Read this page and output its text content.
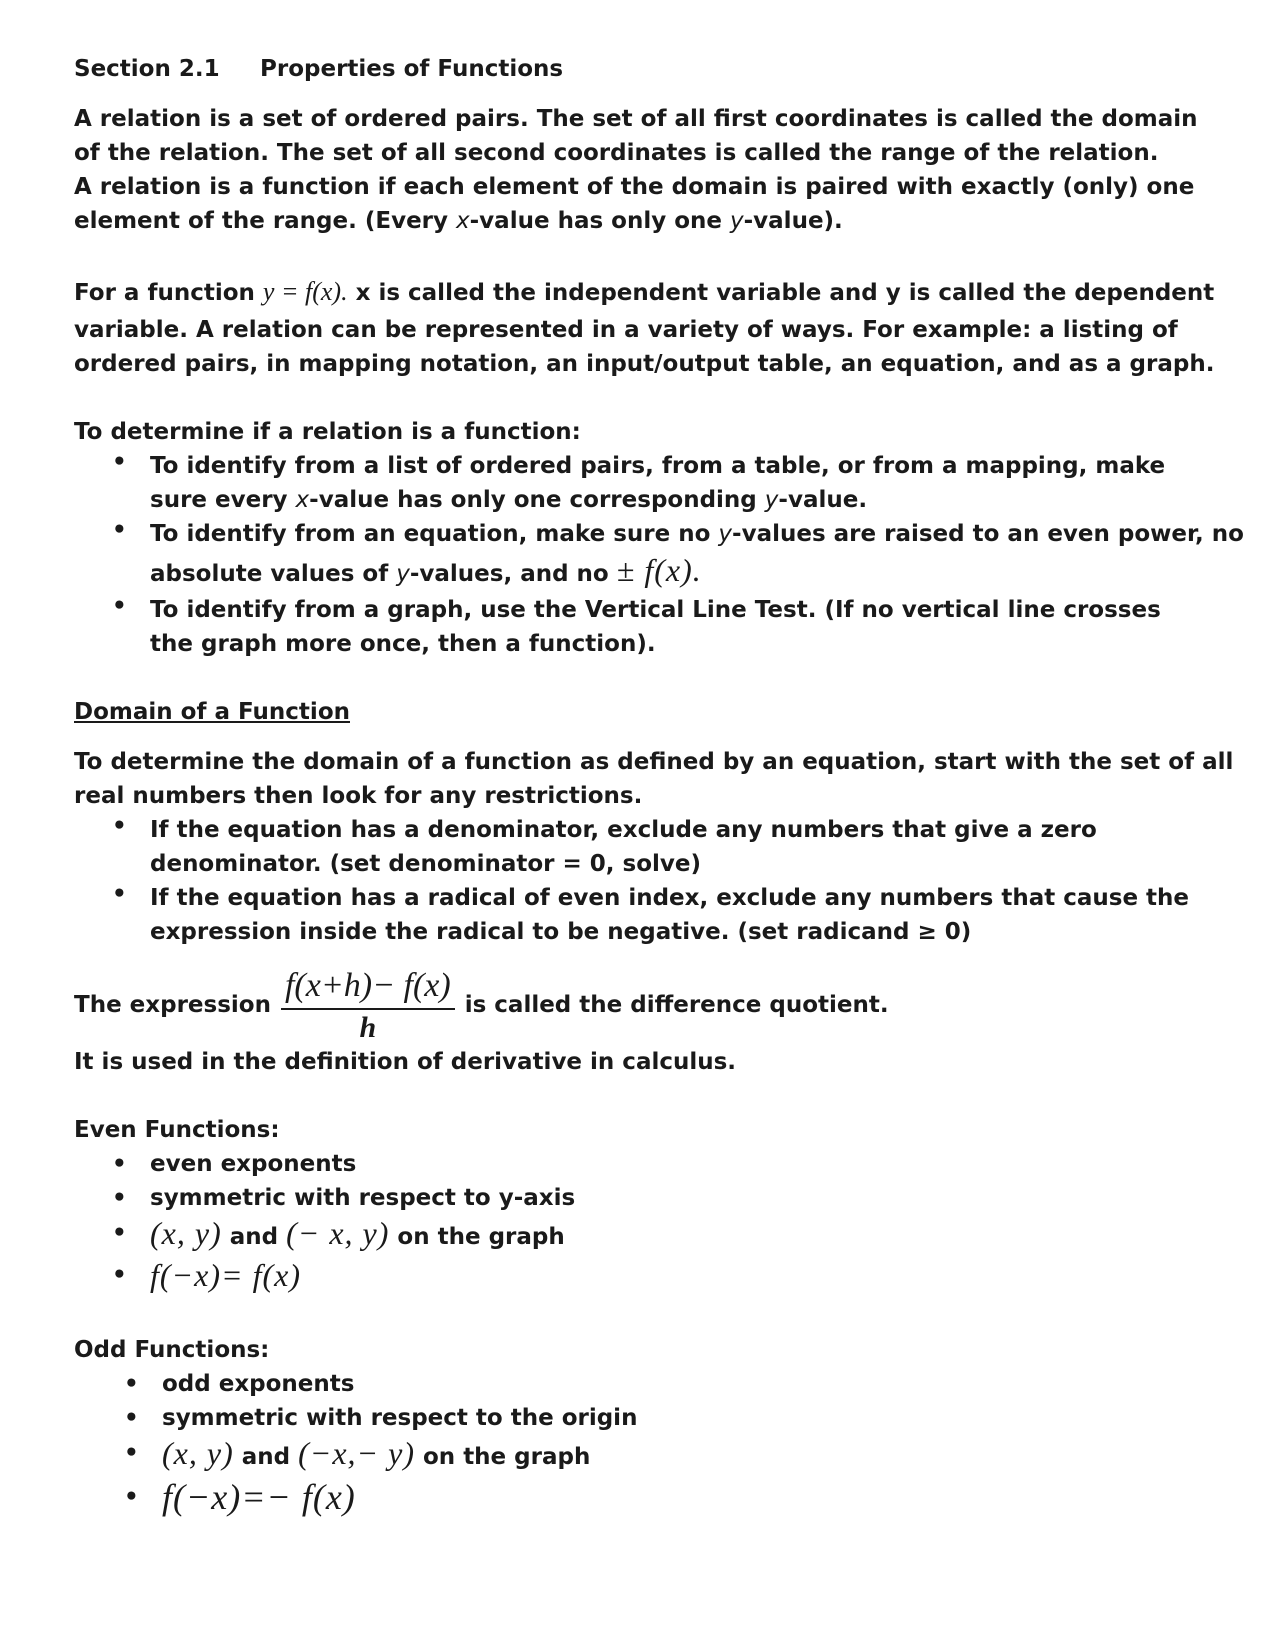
Section 2.1 Properties of Functions
A relation is a set of ordered pairs. The set of all first coordinates is called the domain
of the relation. The set of all second coordinates is called the range of the relation.
A relation is a function if each element of the domain is paired with exactly (only) one
element of the range. (Every x-value has only one y-value).
For a function y = f(x). x is called the independent variable and y is called the dependent
variable. A relation can be represented in a variety of ways. For example: a listing of
ordered pairs, in mapping notation, an input/output table, an equation, and as a graph.
To determine if a relation is a function:
• To identify from a list of ordered pairs, from a table, or from a mapping, make
sure every x-value has only one corresponding y-value.
• To identify from an equation, make sure no y-values are raised to an even power, no
absolute values of y-values, and no ± f(x).
• To identify from a graph, use the Vertical Line Test. (If no vertical line crosses
the graph more once, then a function).
Domain of a Function
To determine the domain of a function as defined by an equation, start with the set of all
real numbers then look for any restrictions.
• If the equation has a denominator, exclude any numbers that give a zero
denominator. (set denominator = 0, solve)
• If the equation has a radical of even index, exclude any numbers that cause the
expression inside the radical to be negative. (set radicand ≥ 0)
The expression $\frac{f(x+h)- f(x)}{h}$ is called the difference quotient.
It is used in the definition of derivative in calculus.
Even Functions:
• even exponents
• symmetric with respect to y-axis
• (x, y) and (− x, y) on the graph
• f(−x)= f(x)
Odd Functions:
• odd exponents
• symmetric with respect to the origin
• (x, y) and (−x,− y) on the graph
• f(−x)=− f(x)
